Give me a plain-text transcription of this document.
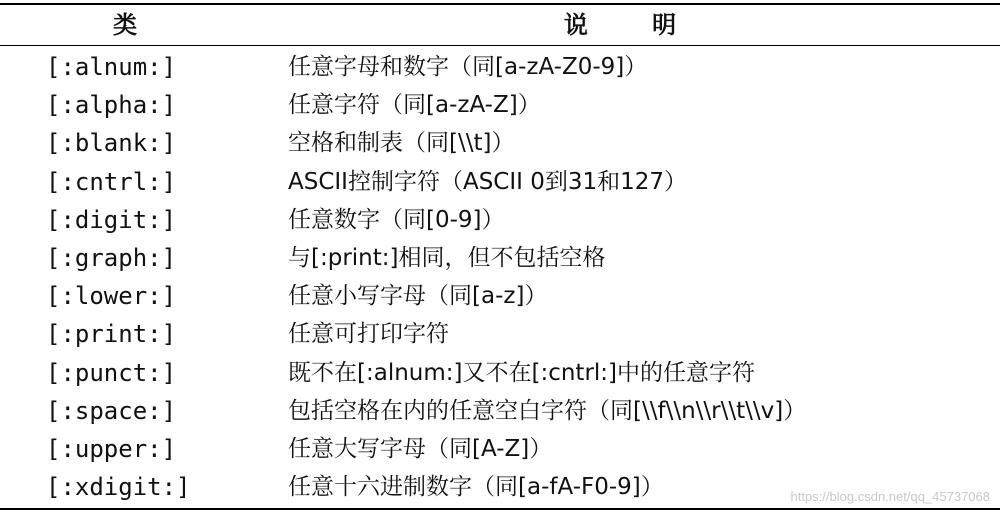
类	说 明
[:alnum:]	任意字母和数字（同[a-zA-Z0-9]）
[:alpha:]	任意字符（同[a-zA-Z]）
[:blank:]	空格和制表（同[\\t]）
[:cntrl:]	ASCII控制字符（ASCII 0到31和127）
[:digit:]	任意数字（同[0-9]）
[:graph:]	与[:print:]相同，但不包括空格
[:lower:]	任意小写字母（同[a-z]）
[:print:]	任意可打印字符
[:punct:]	既不在[:alnum:]又不在[:cntrl:]中的任意字符
[:space:]	包括空格在内的任意空白字符（同[\\f\\n\\r\\t\\v]）
[:upper:]	任意大写字母（同[A-Z]）
[:xdigit:]	任意十六进制数字（同[a-fA-F0-9]）	https://blog.csdn.net/qq_45737068
